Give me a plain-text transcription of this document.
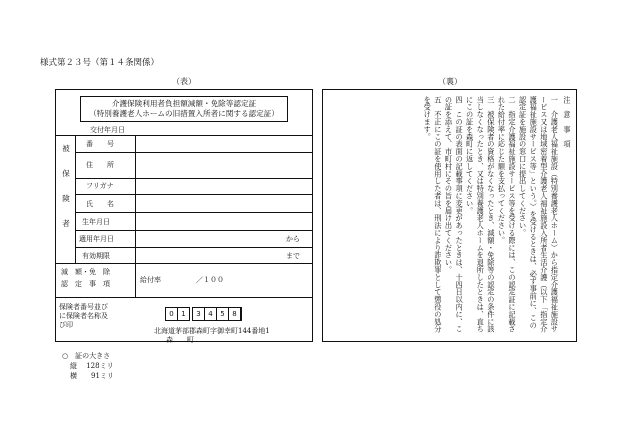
様式第２３号（第１４条関係）
（表）	（裏）
介護保険利用者負担額減額・免除等認定証
（特別養護老人ホームの旧措置入所者に関する認定証）
交付年月日
被
保
険
者
番　　号
住　　所
フリガナ
氏　　名
生年月日
適用年月日	から
有効期限	まで
減　額・免　除
認　定　事　項	給付率	／１００
保険者番号並び
に保険者名称及
び印
0	1	3	4	5	8
北海道茅部郡森町字御幸町144番地1
森　　町
○　証の大きさ
縦　 128ミリ
横　　91ミリ

注　意　事　項

一　介護老人福祉施設（特別養護老人ホーム）から指定介護福祉施設サービス又は地域密着型介護老人福祉施設入所者生活介護（以下「指定介護福祉施設サービス等」という。）を受けるときは、必ず事前に、この認定証を施設の窓口に提出してください。

二　指定介護福祉施設サービス等を受ける際には、この認定証に記載された給付率に応じた額を支払ってください。

三　被保険者の資格がなくなったとき、減額・免除等の認定の条件に該当しなくなったとき、又は特別養護老人ホームを退所したときは、直ちにこの証を森町に返してください。

四　この証の表面の記載事項に変更があったときは、十四日以内に、この証を添えて、市町村にその旨を届け出てください。

五　不正にこの証を使用した者は、刑法により詐欺罪として懲役の処分を受けます。
